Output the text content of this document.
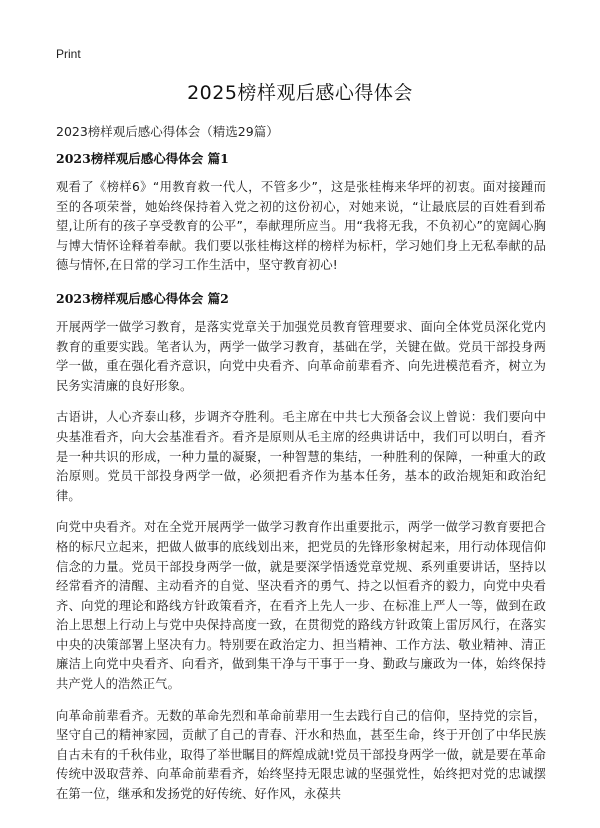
Print
2025榜样观后感心得体会
2023榜样观后感心得体会（精选29篇）
2023榜样观后感心得体会 篇1

观看了《榜样6》“用教育救一代人，不管多少”，这是张桂梅来华坪的初衷。面对接踵而至的各项荣誉，她始终保持着入党之初的这份初心，对她来说，“让最底层的百姓看到希望,让所有的孩子享受教育的公平”，奉献理所应当。用“我将无我，不负初心”的宽阔心胸与博大情怀诠释着奉献。我们要以张桂梅这样的榜样为标杆，学习她们身上无私奉献的品德与情怀,在日常的学习工作生活中，坚守教育初心!

2023榜样观后感心得体会 篇2

开展两学一做学习教育，是落实党章关于加强党员教育管理要求、面向全体党员深化党内教育的重要实践。笔者认为，两学一做学习教育，基础在学，关键在做。党员干部投身两学一做，重在强化看齐意识，向党中央看齐、向革命前辈看齐、向先进模范看齐，树立为民务实清廉的良好形象。

古语讲，人心齐泰山移，步调齐夺胜利。毛主席在中共七大预备会议上曾说：我们要向中央基准看齐，向大会基准看齐。看齐是原则从毛主席的经典讲话中，我们可以明白，看齐是一种共识的形成，一种力量的凝聚，一种智慧的集结，一种胜利的保障，一种重大的政治原则。党员干部投身两学一做，必须把看齐作为基本任务，基本的政治规矩和政治纪律。

向党中央看齐。对在全党开展两学一做学习教育作出重要批示，两学一做学习教育要把合格的标尺立起来，把做人做事的底线划出来，把党员的先锋形象树起来，用行动体现信仰信念的力量。党员干部投身两学一做，就是要深学悟透党章党规、系列重要讲话，坚持以经常看齐的清醒、主动看齐的自觉、坚决看齐的勇气、持之以恒看齐的毅力，向党中央看齐、向党的理论和路线方针政策看齐，在看齐上先人一步、在标准上严人一等，做到在政治上思想上行动上与党中央保持高度一致，在贯彻党的路线方针政策上雷厉风行，在落实中央的决策部署上坚决有力。特别要在政治定力、担当精神、工作方法、敬业精神、清正廉洁上向党中央看齐、向看齐，做到集干净与干事于一身、勤政与廉政为一体，始终保持共产党人的浩然正气。

向革命前辈看齐。无数的革命先烈和革命前辈用一生去践行自己的信仰，坚持党的宗旨，坚守自己的精神家园，贡献了自己的青春、汗水和热血，甚至生命，终于开创了中华民族自古未有的千秋伟业，取得了举世瞩目的辉煌成就!党员干部投身两学一做，就是要在革命传统中汲取营养、向革命前辈看齐，始终坚持无限忠诚的坚强党性，始终把对党的忠诚摆在第一位，继承和发扬党的好传统、好作风，永葆共
